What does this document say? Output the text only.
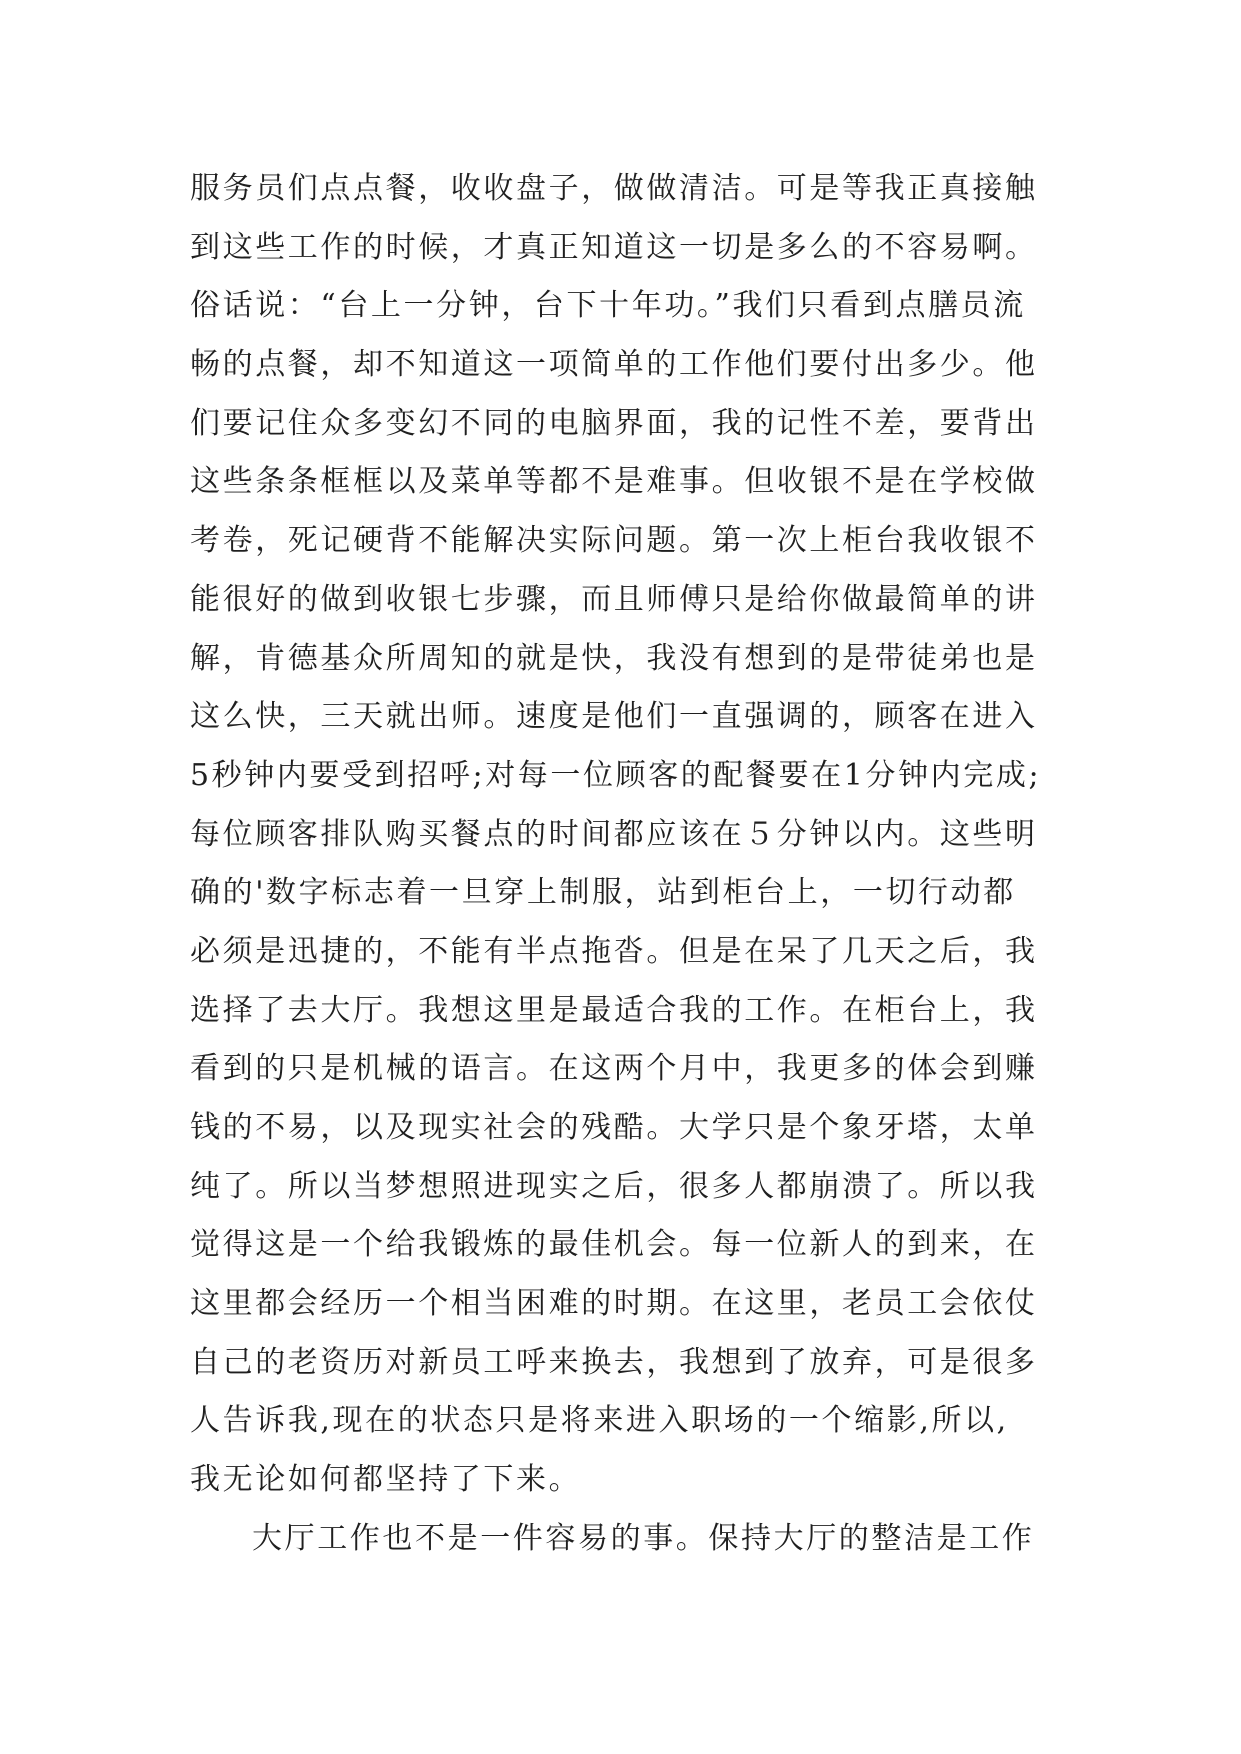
服务员们点点餐，收收盘子，做做清洁。可是等我正真接触
到这些工作的时候，才真正知道这一切是多么的不容易啊。
俗话说：“台上一分钟，台下十年功。”我们只看到点膳员流
畅的点餐，却不知道这一项简单的工作他们要付出多少。他
们要记住众多变幻不同的电脑界面，我的记性不差，要背出
这些条条框框以及菜单等都不是难事。但收银不是在学校做
考卷，死记硬背不能解决实际问题。第一次上柜台我收银不
能很好的做到收银七步骤，而且师傅只是给你做最简单的讲
解，肯德基众所周知的就是快，我没有想到的是带徒弟也是
这么快，三天就出师。速度是他们一直强调的，顾客在进入
5秒钟内要受到招呼;对每一位顾客的配餐要在1分钟内完成;
每位顾客排队购买餐点的时间都应该在５分钟以内。这些明
确的'数字标志着一旦穿上制服，站到柜台上，一切行动都
必须是迅捷的，不能有半点拖沓。但是在呆了几天之后，我
选择了去大厅。我想这里是最适合我的工作。在柜台上，我
看到的只是机械的语言。在这两个月中，我更多的体会到赚
钱的不易，以及现实社会的残酷。大学只是个象牙塔，太单
纯了。所以当梦想照进现实之后，很多人都崩溃了。所以我
觉得这是一个给我锻炼的最佳机会。每一位新人的到来，在
这里都会经历一个相当困难的时期。在这里，老员工会依仗
自己的老资历对新员工呼来换去，我想到了放弃，可是很多
人告诉我,现在的状态只是将来进入职场的一个缩影,所以,
我无论如何都坚持了下来。
大厅工作也不是一件容易的事。保持大厅的整洁是工作
